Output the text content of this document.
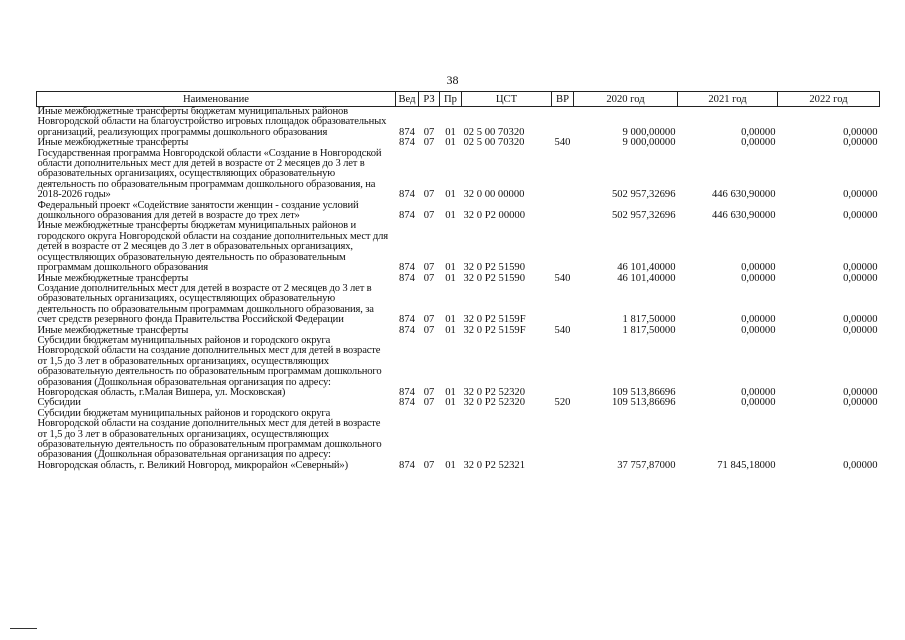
38
Наименование	Вед	РЗ	Пр	ЦСТ	ВР	2020 год	2021 год	2022 год
Иные межбюджетные трансферты бюджетам муниципальных районов Новгородской области на благоустройство игровых площадок образовательных организаций, реализующих программы дошкольного образования	874	07	01	02 5 00 70320		9 000,00000	0,00000	0,00000
Иные межбюджетные трансферты	874	07	01	02 5 00 70320	540	9 000,00000	0,00000	0,00000
Государственная программа Новгородской области «Создание в Новгородской области дополнительных мест для детей в возрасте от 2 месяцев до 3 лет в образовательных организациях, осуществляющих образовательную деятельность по образовательным программам дошкольного образования, на 2018-2026 годы»	874	07	01	32 0 00 00000		502 957,32696	446 630,90000	0,00000
Федеральный проект «Содействие занятости женщин - создание условий дошкольного образования для детей в возрасте до трех лет»	874	07	01	32 0 P2 00000		502 957,32696	446 630,90000	0,00000
Иные межбюджетные трансферты бюджетам муниципальных районов и городского округа Новгородской области на создание дополнительных мест для детей в возрасте от 2 месяцев до 3 лет в образовательных организациях, осуществляющих образовательную деятельность по образовательным программам дошкольного образования	874	07	01	32 0 P2 51590		46 101,40000	0,00000	0,00000
Иные межбюджетные трансферты	874	07	01	32 0 P2 51590	540	46 101,40000	0,00000	0,00000
Создание дополнительных мест для детей в возрасте от 2 месяцев до 3 лет в образовательных организациях, осуществляющих образовательную деятельность по образовательным программам дошкольного образования, за счет средств резервного фонда Правительства Российской Федерации	874	07	01	32 0 P2 5159F		1 817,50000	0,00000	0,00000
Иные межбюджетные трансферты	874	07	01	32 0 P2 5159F	540	1 817,50000	0,00000	0,00000
Субсидии бюджетам муниципальных районов и городского округа Новгородской области на создание дополнительных мест для детей в возрасте от 1,5 до 3 лет в образовательных организациях, осуществляющих образовательную деятельность по образовательным программам дошкольного образования (Дошкольная образовательная организация по адресу: Новгородская область, г.Малая Вишера, ул. Московская)	874	07	01	32 0 P2 52320		109 513,86696	0,00000	0,00000
Субсидии	874	07	01	32 0 P2 52320	520	109 513,86696	0,00000	0,00000
Субсидии бюджетам муниципальных районов и городского округа Новгородской области на создание дополнительных мест для детей в возрасте от 1,5 до 3 лет в образовательных организациях, осуществляющих образовательную деятельность по образовательным программам дошкольного образования (Дошкольная образовательная организация по адресу: Новгородская область, г. Великий Новгород, микрорайон «Северный»)	874	07	01	32 0 P2 52321		37 757,87000	71 845,18000	0,00000
